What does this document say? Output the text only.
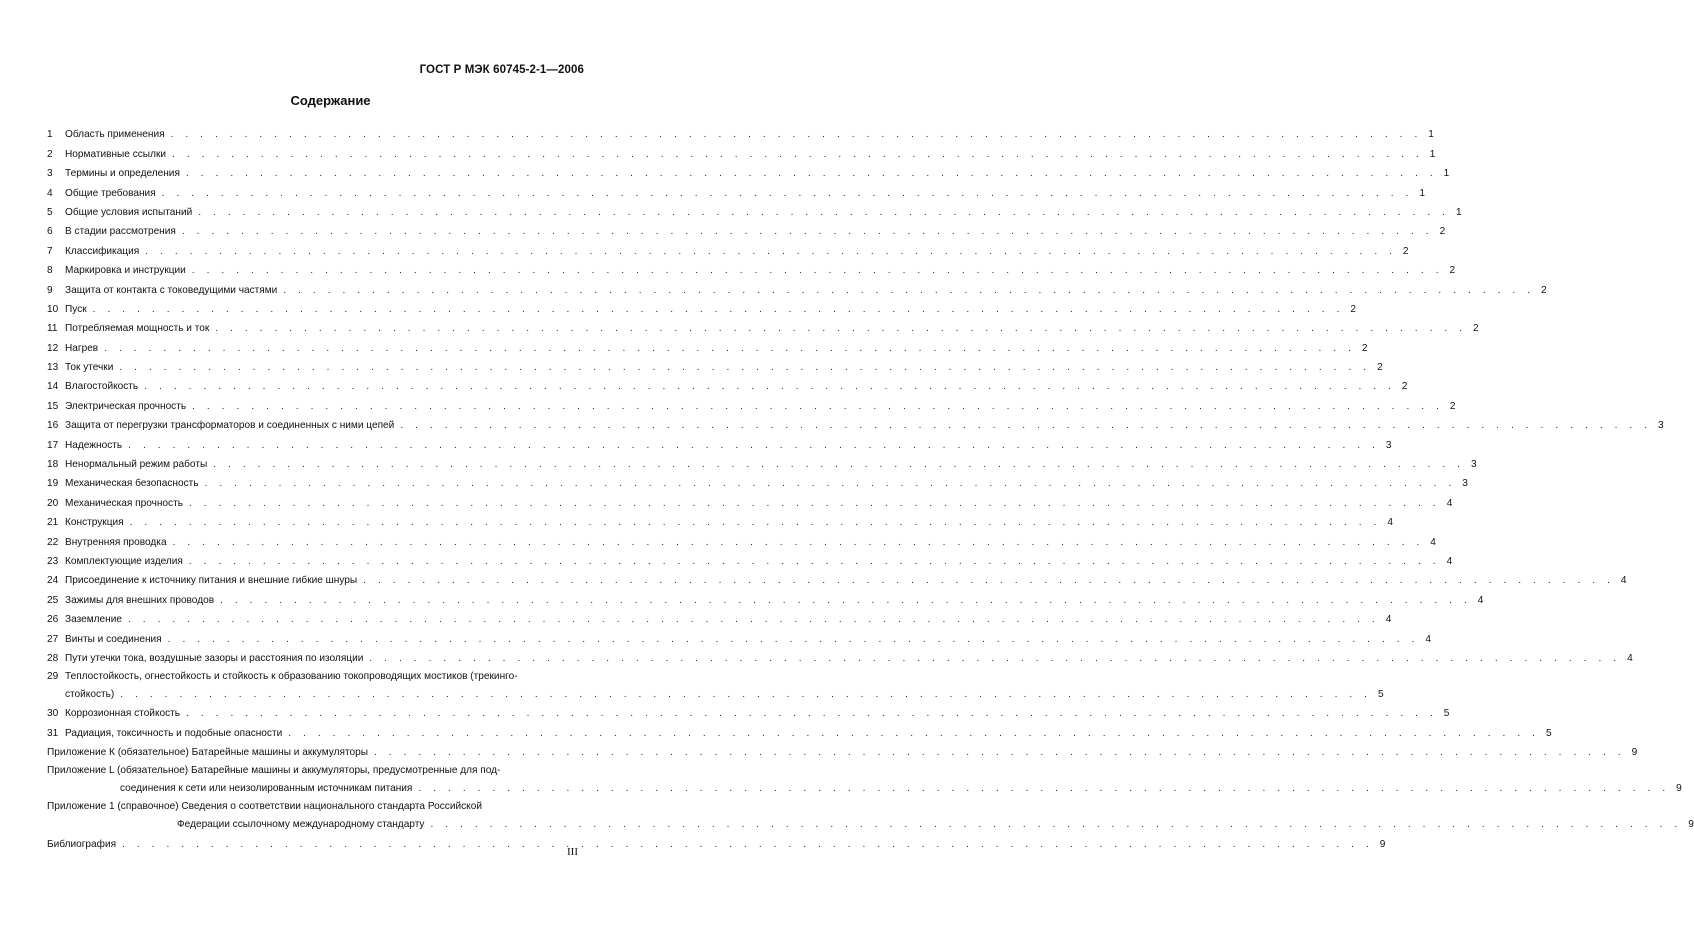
ГОСТ Р МЭК 60745-2-1—2006
Содержание
1	Область применения . . . . . . . . . . . . . . . . . . . . . . . . . . . . . . . . . . . . . . . . . . . . . . . . . . . . . . . . . . . . . . . . . . . . . . . . . . . . . . . . . . . . . 1
2	Нормативные ссылки . . . . . . . . . . . . . . . . . . . . . . . . . . . . . . . . . . . . . . . . . . . . . . . . . . . . . . . . . . . . . . . . . . . . . . . . . . . . . . . . . . . . . 1
3	Термины и определения . . . . . . . . . . . . . . . . . . . . . . . . . . . . . . . . . . . . . . . . . . . . . . . . . . . . . . . . . . . . . . . . . . . . . . . . . . . . . . . . . . . . . 1
4	Общие требования . . . . . . . . . . . . . . . . . . . . . . . . . . . . . . . . . . . . . . . . . . . . . . . . . . . . . . . . . . . . . . . . . . . . . . . . . . . . . . . . . . . . . 1
5	Общие условия испытаний . . . . . . . . . . . . . . . . . . . . . . . . . . . . . . . . . . . . . . . . . . . . . . . . . . . . . . . . . . . . . . . . . . . . . . . . . . . . . . . . . . . . . 1
6	В стадии рассмотрения . . . . . . . . . . . . . . . . . . . . . . . . . . . . . . . . . . . . . . . . . . . . . . . . . . . . . . . . . . . . . . . . . . . . . . . . . . . . . . . . . . . . . 2
7	Классификация . . . . . . . . . . . . . . . . . . . . . . . . . . . . . . . . . . . . . . . . . . . . . . . . . . . . . . . . . . . . . . . . . . . . . . . . . . . . . . . . . . . . . 2
8	Маркировка и инструкции . . . . . . . . . . . . . . . . . . . . . . . . . . . . . . . . . . . . . . . . . . . . . . . . . . . . . . . . . . . . . . . . . . . . . . . . . . . . . . . . . . . . . 2
9	Защита от контакта с токоведущими частями . . . . . . . . . . . . . . . . . . . . . . . . . . . . . . . . . . . . . . . . . . . . . . . . . . . . . . . . . . . . . . . . . . . . . . . . . . . . . . . . . . . . . 2
10 Пуск . . . . . . . . . . . . . . . . . . . . . . . . . . . . . . . . . . . . . . . . . . . . . . . . . . . . . . . . . . . . . . . . . . . . . . . . . . . . . . . . . . . . . 2
11 Потребляемая мощность и ток . . . . . . . . . . . . . . . . . . . . . . . . . . . . . . . . . . . . . . . . . . . . . . . . . . . . . . . . . . . . . . . . . . . . . . . . . . . . . . . . . . . . . 2
12 Нагрев . . . . . . . . . . . . . . . . . . . . . . . . . . . . . . . . . . . . . . . . . . . . . . . . . . . . . . . . . . . . . . . . . . . . . . . . . . . . . . . . . . . . . 2
13 Ток утечки . . . . . . . . . . . . . . . . . . . . . . . . . . . . . . . . . . . . . . . . . . . . . . . . . . . . . . . . . . . . . . . . . . . . . . . . . . . . . . . . . . . . . 2
14 Влагостойкость . . . . . . . . . . . . . . . . . . . . . . . . . . . . . . . . . . . . . . . . . . . . . . . . . . . . . . . . . . . . . . . . . . . . . . . . . . . . . . . . . . . . . 2
15 Электрическая прочность . . . . . . . . . . . . . . . . . . . . . . . . . . . . . . . . . . . . . . . . . . . . . . . . . . . . . . . . . . . . . . . . . . . . . . . . . . . . . . . . . . . . . 2
16 Защита от перегрузки трансформаторов и соединенных с ними цепей . . . . . . . . . . . . . . . . . . . . . . . . . . . . . . . . . . . . . . . . . . . . . . . . . . . . . . . . . . . . . . . . . . . . . . . . . . . . . . . . . . . . . 3
17 Надежность . . . . . . . . . . . . . . . . . . . . . . . . . . . . . . . . . . . . . . . . . . . . . . . . . . . . . . . . . . . . . . . . . . . . . . . . . . . . . . . . . . . . . 3
18 Ненормальный режим работы . . . . . . . . . . . . . . . . . . . . . . . . . . . . . . . . . . . . . . . . . . . . . . . . . . . . . . . . . . . . . . . . . . . . . . . . . . . . . . . . . . . . . 3
19 Механическая безопасность . . . . . . . . . . . . . . . . . . . . . . . . . . . . . . . . . . . . . . . . . . . . . . . . . . . . . . . . . . . . . . . . . . . . . . . . . . . . . . . . . . . . . 3
20 Механическая прочность . . . . . . . . . . . . . . . . . . . . . . . . . . . . . . . . . . . . . . . . . . . . . . . . . . . . . . . . . . . . . . . . . . . . . . . . . . . . . . . . . . . . . 4
21 Конструкция . . . . . . . . . . . . . . . . . . . . . . . . . . . . . . . . . . . . . . . . . . . . . . . . . . . . . . . . . . . . . . . . . . . . . . . . . . . . . . . . . . . . . 4
22 Внутренняя проводка . . . . . . . . . . . . . . . . . . . . . . . . . . . . . . . . . . . . . . . . . . . . . . . . . . . . . . . . . . . . . . . . . . . . . . . . . . . . . . . . . . . . . 4
23 Комплектующие изделия . . . . . . . . . . . . . . . . . . . . . . . . . . . . . . . . . . . . . . . . . . . . . . . . . . . . . . . . . . . . . . . . . . . . . . . . . . . . . . . . . . . . . 4
24 Присоединение к источнику питания и внешние гибкие шнуры . . . . . . . . . . . . . . . . . . . . . . . . . . . . . . . . . . . . . . . . . . . . . . . . . . . . . . . . . . . . . . . . . . . . . . . . . . . . . . . . . . . . . 4
25 Зажимы для внешних проводов . . . . . . . . . . . . . . . . . . . . . . . . . . . . . . . . . . . . . . . . . . . . . . . . . . . . . . . . . . . . . . . . . . . . . . . . . . . . . . . . . . . . . 4
26 Заземление . . . . . . . . . . . . . . . . . . . . . . . . . . . . . . . . . . . . . . . . . . . . . . . . . . . . . . . . . . . . . . . . . . . . . . . . . . . . . . . . . . . . . 4
27 Винты и соединения . . . . . . . . . . . . . . . . . . . . . . . . . . . . . . . . . . . . . . . . . . . . . . . . . . . . . . . . . . . . . . . . . . . . . . . . . . . . . . . . . . . . . 4
28 Пути утечки тока, воздушные зазоры и расстояния по изоляции . . . . . . . . . . . . . . . . . . . . . . . . . . . . . . . . . . . . . . . . . . . . . . . . . . . . . . . . . . . . . . . . . . . . . . . . . . . . . . . . . . . . . 4
29 Теплостойкость, огнестойкость и стойкость к образованию токопроводящих мостиков (трекинго-
стойкость) . . . . . . . . . . . . . . . . . . . . . . . . . . . . . . . . . . . . . . . . . . . . . . . . . . . . . . . . . . . . . . . . . . . . . . . . . . . . . . . . . . . . . 5
30 Коррозионная стойкость . . . . . . . . . . . . . . . . . . . . . . . . . . . . . . . . . . . . . . . . . . . . . . . . . . . . . . . . . . . . . . . . . . . . . . . . . . . . . . . . . . . . . 5
31 Радиация, токсичность и подобные опасности . . . . . . . . . . . . . . . . . . . . . . . . . . . . . . . . . . . . . . . . . . . . . . . . . . . . . . . . . . . . . . . . . . . . . . . . . . . . . . . . . . . . . 5
Приложение К (обязательное) Батарейные машины и аккумуляторы . . . . . . . . . . . . . . . . . . . . . . . . . . . . . . . . . . . . . . . . . . . . . . . . . . . . . . . . . . . . . . . . . . . . . . . . . . . . . . . . . . . . . 9
Приложение L (обязательное) Батарейные машины и аккумуляторы, предусмотренные для под-
соединения к сети или неизолированным источникам питания . . . . . . . . . . . . . . . . . . . . . . . . . . . . . . . . . . . . . . . . . . . . . . . . . . . . . . . . . . . . . . . . . . . . . . . . . . . . . . . . . . . . . 9
Приложение 1 (справочное) Сведения о соответствии национального стандарта Российской
Федерации ссылочному международному стандарту . . . . . . . . . . . . . . . . . . . . . . . . . . . . . . . . . . . . . . . . . . . . . . . . . . . . . . . . . . . . . . . . . . . . . . . . . . . . . . . . . . . . . 9
Библиография . . . . . . . . . . . . . . . . . . . . . . . . . . . . . . . . . . . . . . . . . . . . . . . . . . . . . . . . . . . . . . . . . . . . . . . . . . . . . . . . . . . . . 9
III
